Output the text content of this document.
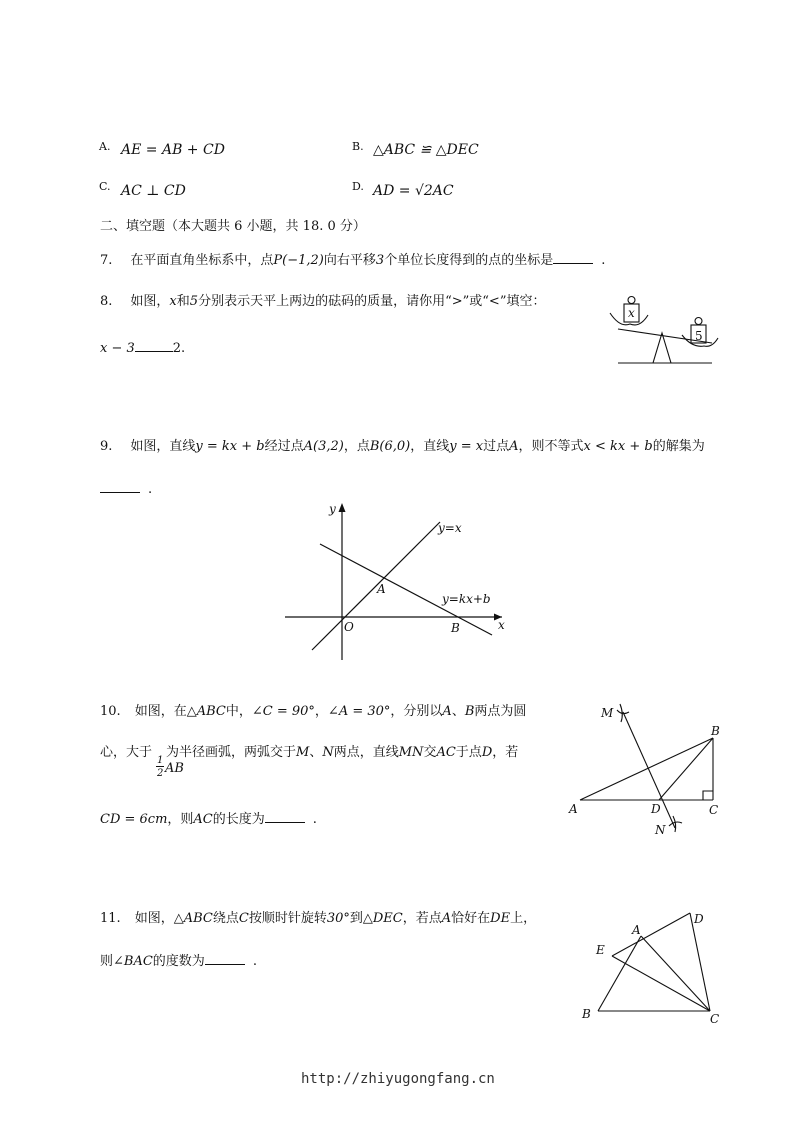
A. AE = AB + CD	B. △ABC ≌ △DEC
C. AC ⊥ CD	D. AD = √2AC
二、填空题（本大题共 6 小题，共 18. 0 分）
7. 在平面直角坐标系中，点P(−1,2)向右平移3个单位长度得到的点的坐标是	.
8. 如图，x和5分别表示天平上两边的砝码的质量，请你用“>”或“<”填空：
x − 3	2.
x
5
9. 如图，直线y = kx + b经过点A(3,2)，点B(6,0)，直线y = x过点A，则不等式x < kx + b的解集为
.
y
x
O
A
B
y=x
y=kx+b
10. 如图，在△ABC中，∠C = 90°，∠A = 30°，分别以A、B两点为圆
心，大于 为半径画弧，两弧交于M、N两点，直线MN交AC于点D，若
$\frac{1}{2}$ AB
CD = 6cm，则AC的长度为	.
M
N
A
B
C
D
11. 如图，△ABC绕点C按顺时针旋转30°到△DEC，若点A恰好在DE上，
则∠BAC的度数为	.
A
B	C
D
E
http://zhiyugongfang.cn
